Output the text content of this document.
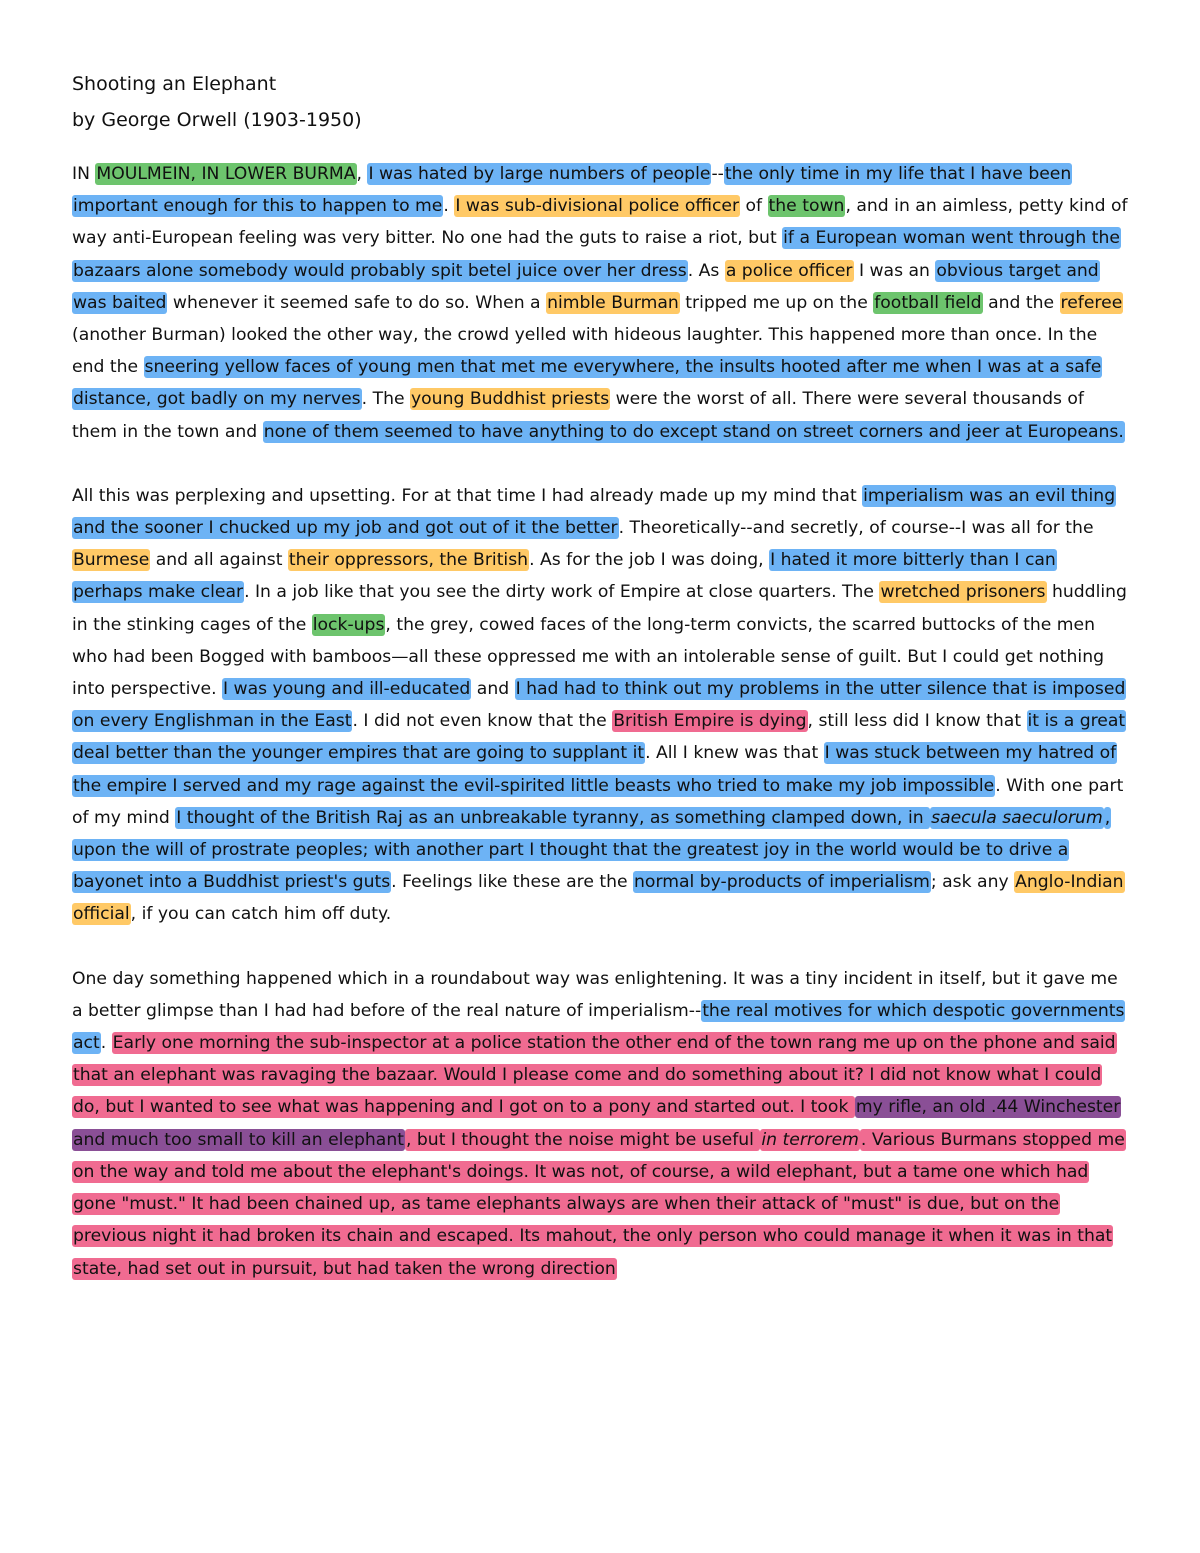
Shooting an Elephant
by George Orwell (1903-1950)

IN MOULMEIN, IN LOWER BURMA, I was hated by large numbers of people--the only time in my life that I have been important enough for this to happen to me. I was sub-divisional police officer of the town, and in an aimless, petty kind of way anti-European feeling was very bitter. No one had the guts to raise a riot, but if a European woman went through the bazaars alone somebody would probably spit betel juice over her dress. As a police officer I was an obvious target and was baited whenever it seemed safe to do so. When a nimble Burman tripped me up on the football field and the referee (another Burman) looked the other way, the crowd yelled with hideous laughter. This happened more than once. In the end the sneering yellow faces of young men that met me everywhere, the insults hooted after me when I was at a safe distance, got badly on my nerves. The young Buddhist priests were the worst of all. There were several thousands of them in the town and none of them seemed to have anything to do except stand on street corners and jeer at Europeans.

All this was perplexing and upsetting. For at that time I had already made up my mind that imperialism was an evil thing and the sooner I chucked up my job and got out of it the better. Theoretically--and secretly, of course--I was all for the Burmese and all against their oppressors, the British. As for the job I was doing, I hated it more bitterly than I can perhaps make clear. In a job like that you see the dirty work of Empire at close quarters. The wretched prisoners huddling in the stinking cages of the lock-ups, the grey, cowed faces of the long-term convicts, the scarred buttocks of the men who had been Bogged with bamboos—all these oppressed me with an intolerable sense of guilt. But I could get nothing into perspective. I was young and ill-educated and I had had to think out my problems in the utter silence that is imposed on every Englishman in the East. I did not even know that the British Empire is dying, still less did I know that it is a great deal better than the younger empires that are going to supplant it. All I knew was that I was stuck between my hatred of the empire I served and my rage against the evil-spirited little beasts who tried to make my job impossible. With one part of my mind I thought of the British Raj as an unbreakable tyranny, as something clamped down, in saecula saeculorum , upon the will of prostrate peoples; with another part I thought that the greatest joy in the world would be to drive a bayonet into a Buddhist priest's guts. Feelings like these are the normal by-products of imperialism; ask any Anglo-Indian official, if you can catch him off duty.

One day something happened which in a roundabout way was enlightening. It was a tiny incident in itself, but it gave me a better glimpse than I had had before of the real nature of imperialism--the real motives for which despotic governments act. Early one morning the sub-inspector at a police station the other end of the town rang me up on the phone and said that an elephant was ravaging the bazaar. Would I please come and do something about it? I did not know what I could do, but I wanted to see what was happening and I got on to a pony and started out. I took my rifle, an old .44 Winchester and much too small to kill an elephant , but I thought the noise might be useful in terrorem . Various Burmans stopped me on the way and told me about the elephant's doings. It was not, of course, a wild elephant, but a tame one which had gone "must." It had been chained up, as tame elephants always are when their attack of "must" is due, but on the previous night it had broken its chain and escaped. Its mahout, the only person who could manage it when it was in that state, had set out in pursuit, but had taken the wrong direction
